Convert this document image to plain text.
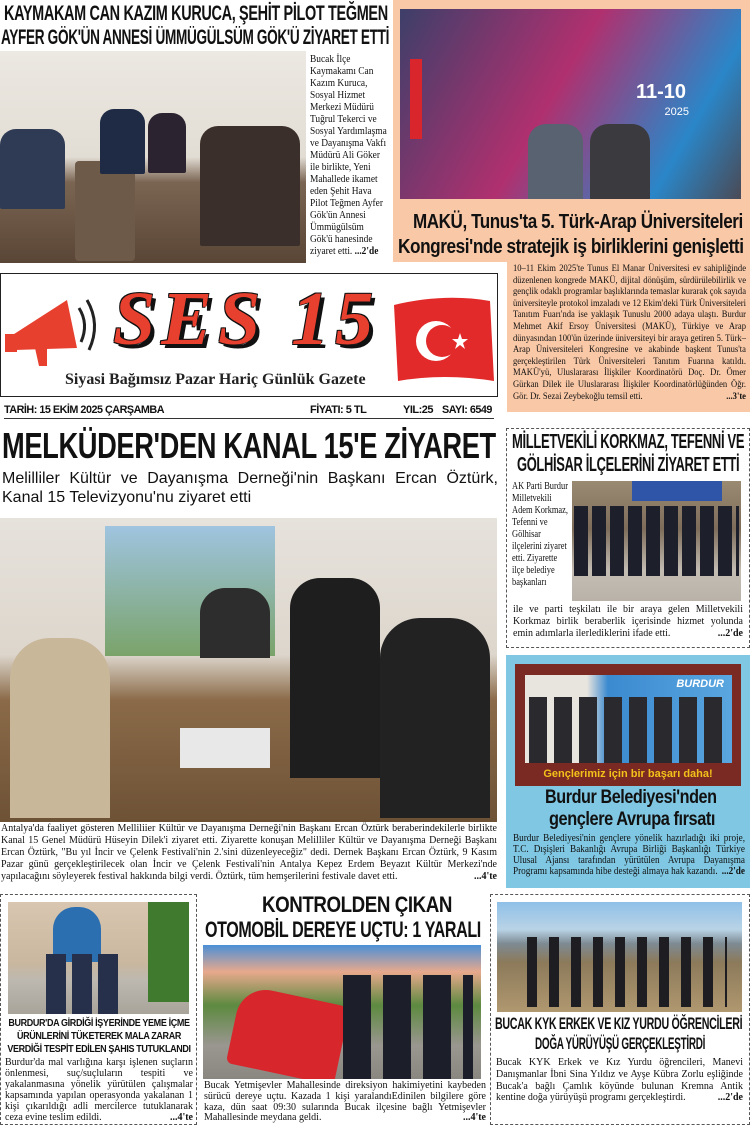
11-10
2025
KAYMAKAM CAN KAZIM KURUCA, ŞEHİT PİLOT TEĞMEN
AYFER GÖK'ÜN ANNESİ ÜMMÜGÜLSÜM GÖK'Ü ZİYARET ETTİ
Bucak İlçe Kaymakamı Can Kazım Kuruca, Sosyal Hizmet Merkezi Müdürü Tuğrul Tekerci ve Sosyal Yardımlaşma ve Dayanışma Vakfı Müdürü Ali Göker ile birlikte, Yeni Mahallede ikamet eden Şehit Hava Pilot Teğmen Ayfer Gök'ün Annesi Ümmügülsüm Gök'ü hanesinde ziyaret etti. ...2'de
MAKÜ, Tunus'ta 5. Türk-Arap Üniversiteleri
Kongresi'nde stratejik iş birliklerini genişletti
10–11 Ekim 2025'te Tunus El Manar Üniversitesi ev sahipliğinde düzenlenen kongrede MAKÜ, dijital dönüşüm, sürdürülebilirlik ve gençlik odaklı programlar başlıklarında temaslar kurarak çok sayıda üniversiteyle protokol imzaladı ve 12 Ekim'deki Türk Üniversiteleri Tanıtım Fuarı'nda ise yaklaşık Tunuslu 2000 adaya ulaştı. Burdur Mehmet Akif Ersoy Üniversitesi (MAKÜ), Türkiye ve Arap dünyasından 100'ün üzerinde üniversiteyi bir araya getiren 5. Türk–Arap Üniversiteleri Kongresine ve akabinde başkent Tunus'ta gerçekleştirilen Türk Üniversiteleri Tanıtım Fuarına katıldı. MAKÜ'yü, Uluslararası İlişkiler Koordinatörü Doç. Dr. Ömer Gürkan Dilek ile Uluslararası İlişkiler Koordinatörlüğünden Öğr. Gör. Dr. Sezai Zeybekoğlu temsil etti.	...3'te
SES 15
Siyasi Bağımsız Pazar Hariç Günlük Gazete
TARİH: 15 EKİM 2025 ÇARŞAMBA	FİYATI: 5 TL	YIL:25 SAYI: 6549
MELKÜDER'DEN KANAL 15'E ZİYARET
Melilliler Kültür ve Dayanışma Derneği'nin Başkanı Ercan Öztürk, Kanal 15 Televizyonu'nu ziyaret etti
Antalya'da faaliyet gösteren Melliliier Kültür ve Dayanışma Derneği'nin Başkanı Ercan Öztürk beraberindekilerle birlikte Kanal 15 Genel Müdürü Hüseyin Dilek'i ziyaret etti. Ziyarette konuşan Melilliler Kültür ve Dayanışma Derneği Başkanı Ercan Öztürk, "Bu yıl İncir ve Çelenk Festivali'nin 2.'sini düzenleyeceğiz" dedi. Dernek Başkanı Ercan Öztürk, 9 Kasım Pazar günü gerçekleştirilecek olan İncir ve Çelenk Festivali'nin Antalya Kepez Erdem Beyazıt Kültür Merkezi'nde yapılacağını söyleyerek festival hakkında bilgi verdi. Öztürk, tüm hemşerilerini festivale davet etti.	...4'te
MİLLETVEKİLİ KORKMAZ, TEFENNİ VE
GÖLHİSAR İLÇELERİNİ ZİYARET ETTİ
AK Parti Burdur Milletvekili Adem Korkmaz, Tefenni ve Gölhisar ilçelerini ziyaret etti. Ziyarette ilçe belediye başkanları
ile ve parti teşkilatı ile bir araya gelen Milletvekili Korkmaz birlik beraberlik içerisinde hizmet yolunda emin adımlarla ilerlediklerini ifade etti.	...2'de
BURDUR
Gençlerimiz için bir başarı daha!
Burdur Belediyesi'nden
gençlere Avrupa fırsatı
Burdur Belediyesi'nin gençlere yönelik hazırladığı iki proje, T.C. Dışişleri Bakanlığı Avrupa Birliği Başkanlığı Türkiye Ulusal Ajansı tarafından yürütülen Avrupa Dayanışma Programı kapsamında hibe desteği almaya hak kazandı. ...2'de
BURDUR'DA GİRDİĞİ İŞYERİNDE YEME İÇME ÜRÜNLERİNİ TÜKETEREK MALA ZARAR VERDİĞİ TESPİT EDİLEN ŞAHIS TUTUKLANDI
Burdur'da mal varlığına karşı işlenen suçların önlenmesi, suç/suçluların tespiti ve yakalanmasına yönelik yürütülen çalışmalar kapsamında yapılan operasyonda yakalanan 1 kişi çıkarıldığı adli mercilerce tutuklanarak ceza evine teslim edildi.	...4'te
KONTROLDEN ÇIKAN
OTOMOBİL DEREYE UÇTU: 1 YARALI
Bucak Yetmişevler Mahallesinde direksiyon hakimiyetini kaybeden sürücü dereye uçtu. Kazada 1 kişi yaralandıEdinilen bilgilere göre kaza, dün saat 09:30 sularında Bucak ilçesine bağlı Yetmişevler Mahallesinde meydana geldi.	...4'te
BUCAK KYK ERKEK VE KIZ YURDU ÖĞRENCİLERİ
DOĞA YÜRÜYÜŞÜ GERÇEKLEŞTİRDİ
Bucak KYK Erkek ve Kız Yurdu öğrencileri, Manevi Danışmanlar İbni Sina Yıldız ve Ayşe Kübra Zorlu eşliğinde Bucak'a bağlı Çamlık köyünde bulunan Kremna Antik kentine doğa yürüyüşü programı gerçekleştirdi.	...2'de
